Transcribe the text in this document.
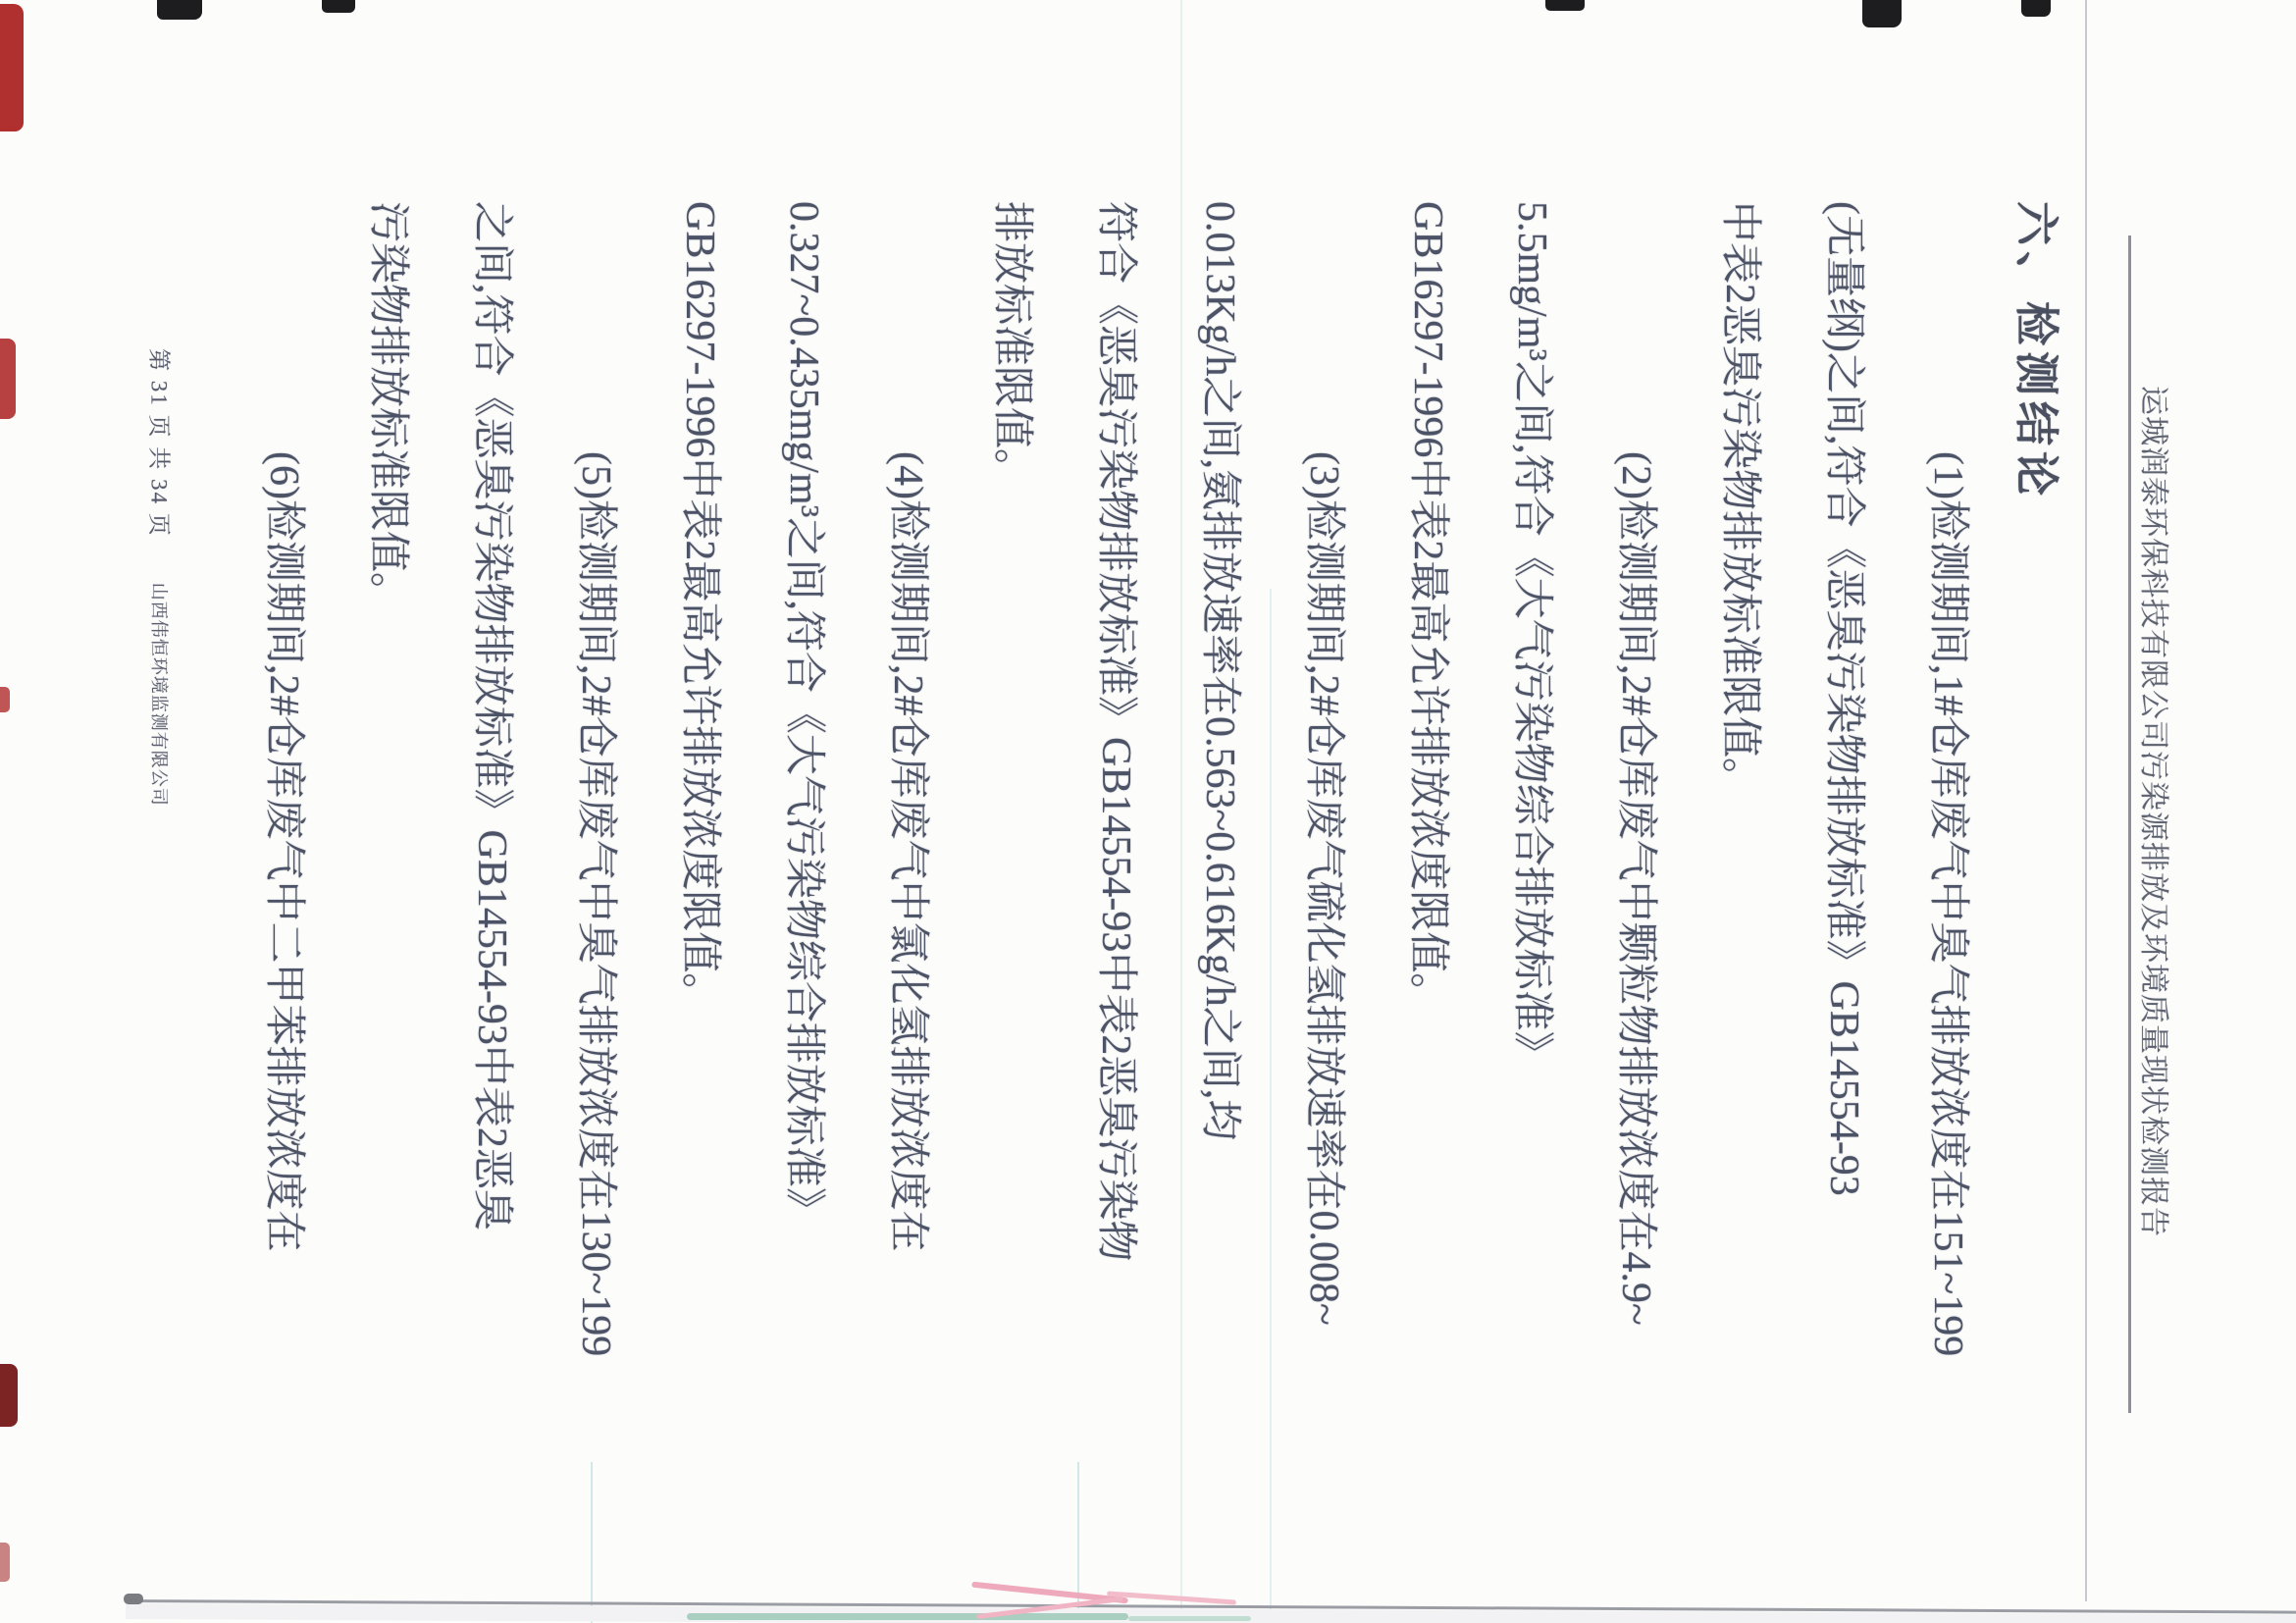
运城润泰环保科技有限公司污染源排放及环境质量现状检测报告
六、检测结论
(1)检测期间,1#仓库废气中臭气排放浓度在151~199
(无量纲)之间,符合《恶臭污染物排放标准》GB14554-93
中表2恶臭污染物排放标准限值。
(2)检测期间,2#仓库废气中颗粒物排放浓度在4.9~
5.5mg/m³之间,符合《大气污染物综合排放标准》
GB16297-1996中表2最高允许排放浓度限值。
(3)检测期间,2#仓库废气硫化氢排放速率在0.008~
0.013Kg/h之间,氨排放速率在0.563~0.616Kg/h之间,均
符合《恶臭污染物排放标准》GB14554-93中表2恶臭污染物
排放标准限值。
(4)检测期间,2#仓库废气中氯化氢排放浓度在
0.327~0.435mg/m³之间,符合《大气污染物综合排放标准》
GB16297-1996中表2最高允许排放浓度限值。
(5)检测期间,2#仓库废气中臭气排放浓度在130~199
之间,符合《恶臭污染物排放标准》GB14554-93中表2恶臭
污染物排放标准限值。
(6)检测期间,2#仓库废气中二甲苯排放浓度在
第 31 页 共 34 页 山西伟恒环境监测有限公司
